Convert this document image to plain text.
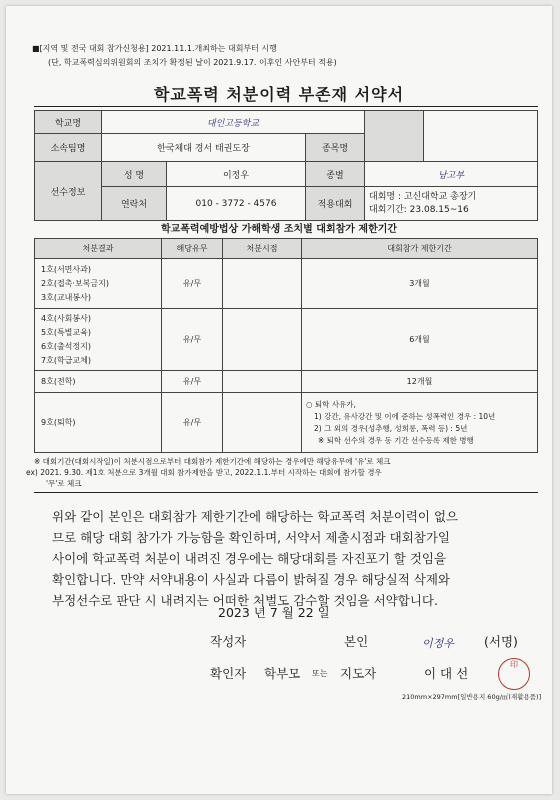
■[지역 및 전국 대회 참가신청용] 2021.11.1.개최하는 대회부터 시행
(단, 학교폭력심의위원회의 조치가 확정된 날이 2021.9.17. 이후인 사안부터 적용)
학교폭력 처분이력 부존재 서약서
학교명	대인고등학교				
소속팀명	한국체대 경서 태권도장		종목명		
선수정보	성 명	이정우	종별	남고부	
	연락처	010 - 3772 - 4576	적용대회	대회명 : 고신대학교 총장기
대회기간: 23.08.15~16	
학교폭력예방법상 가해학생 조치별 대회참가 제한기간
처분결과	해당유무	처분시점	대회참가 제한기간

1호(서면사과)
2호(접촉·보복금지)
3호(교내봉사)	유/무		3개월

4호(사회봉사)
5호(특별교육)
6호(출석정지)
7호(학급교체)	유/무		6개월

8호(전학)	유/무		12개월

9호(퇴학)	유/무		○ 퇴학 사유가,
1) 강간, 유사강간 및 이에 준하는 성폭력인 경우 : 10년
2) 그 외의 경우(성추행, 성희롱, 폭력 등) : 5년
※ 퇴학 선수의 경우 동 기간 선수등록 제한 병행
※ 대회기간(대회시작일)이 처분시점으로부터 대회참가 제한기간에 해당하는 경우에만 해당유무에 '유'로 체크
ex) 2021. 9.30. 제1호 처분으로 3개월 대회 참가제한을 받고, 2022.1.1.부터 시작하는 대회에 참가할 경우
'무'로 체크
위와 같이 본인은 대회참가 제한기간에 해당하는 학교폭력 처분이력이 없으
므로 해당 대회 참가가 가능함을 확인하며, 서약서 제출시점과 대회참가일
사이에 학교폭력 처분이 내려진 경우에는 해당대회를 자진포기 할 것임을
확인합니다. 만약 서약내용이 사실과 다름이 밝혀질 경우 해당실적 삭제와
부정선수로 판단 시 내려지는 어떠한 처벌도 감수할 것임을 서약합니다.
2023 년 7 월 22 일
작성자	본인	이정우 (서명)
확인자 학부모 또는 지도자	이 대 선
印
210mm×297mm[일반용지 60g/㎡(재활용품)]
